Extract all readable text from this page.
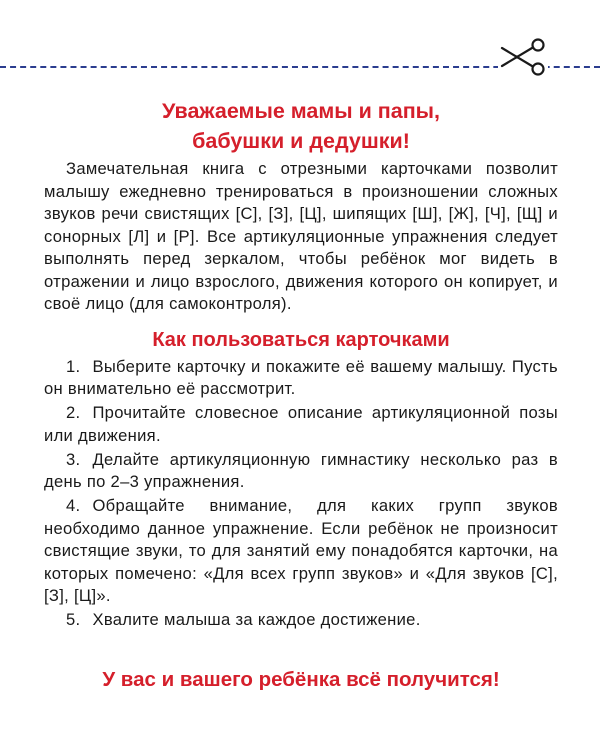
Уважаемые мамы и папы,
бабушки и дедушки!

Замечательная книга с отрезными карточками позволит малышу ежедневно тренироваться в произношении сложных звуков речи свистящих [С], [З], [Ц], шипящих [Ш], [Ж], [Ч], [Щ] и сонорных [Л] и [Р]. Все артикуляционные упражнения следует выполнять перед зеркалом, чтобы ребёнок мог видеть в отражении и лицо взрослого, движения которого он копирует, и своё лицо (для самоконтроля).

Как пользоваться карточками

1. Выберите карточку и покажите её вашему малышу. Пусть он внимательно её рассмотрит.

2. Прочитайте словесное описание артикуляционной позы или движения.

3. Делайте артикуляционную гимнастику несколько раз в день по 2–3 упражнения.

4. Обращайте внимание, для каких групп звуков необходимо данное упражнение. Если ребёнок не произносит свистящие звуки, то для занятий ему понадобятся карточки, на которых помечено: «Для всех групп звуков» и «Для звуков [С], [З], [Ц]».

5. Хвалите малыша за каждое достижение.

У вас и вашего ребёнка всё получится!
